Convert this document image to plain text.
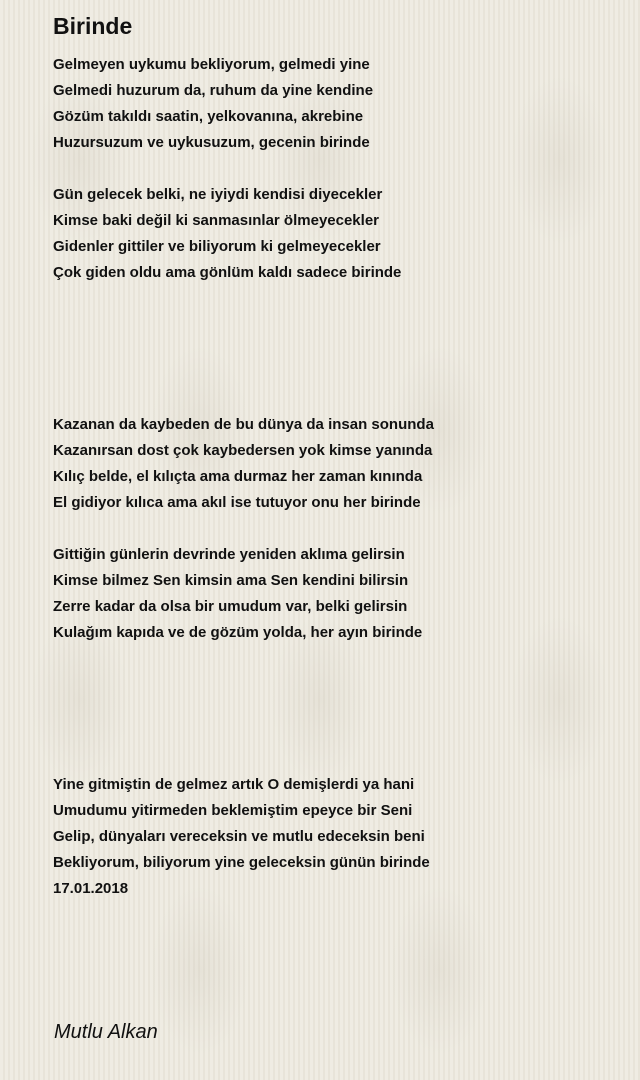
Birinde
Gelmeyen uykumu bekliyorum, gelmedi yine
Gelmedi huzurum da, ruhum da yine kendine
Gözüm takıldı saatin, yelkovanına, akrebine
Huzursuzum ve uykusuzum, gecenin birinde
Gün gelecek belki, ne iyiydi kendisi diyecekler
Kimse baki değil ki sanmasınlar ölmeyecekler
Gidenler gittiler ve biliyorum ki gelmeyecekler
Çok giden oldu ama gönlüm kaldı sadece birinde
Kazanan da kaybeden de bu dünya da insan sonunda
Kazanırsan dost çok kaybedersen yok kimse yanında
Kılıç belde, el kılıçta ama durmaz her zaman kınında
El gidiyor kılıca ama akıl ise tutuyor onu her birinde
Gittiğin günlerin devrinde yeniden aklıma gelirsin
Kimse bilmez Sen kimsin ama Sen kendini bilirsin
Zerre kadar da olsa bir umudum var, belki gelirsin
Kulağım kapıda ve de gözüm yolda, her ayın birinde
Yine gitmiştin de gelmez artık O demişlerdi ya hani
Umudumu yitirmeden beklemiştim epeyce bir Seni
Gelip, dünyaları vereceksin ve mutlu edeceksin beni
Bekliyorum, biliyorum yine geleceksin günün birinde
17.01.2018
Mutlu Alkan
